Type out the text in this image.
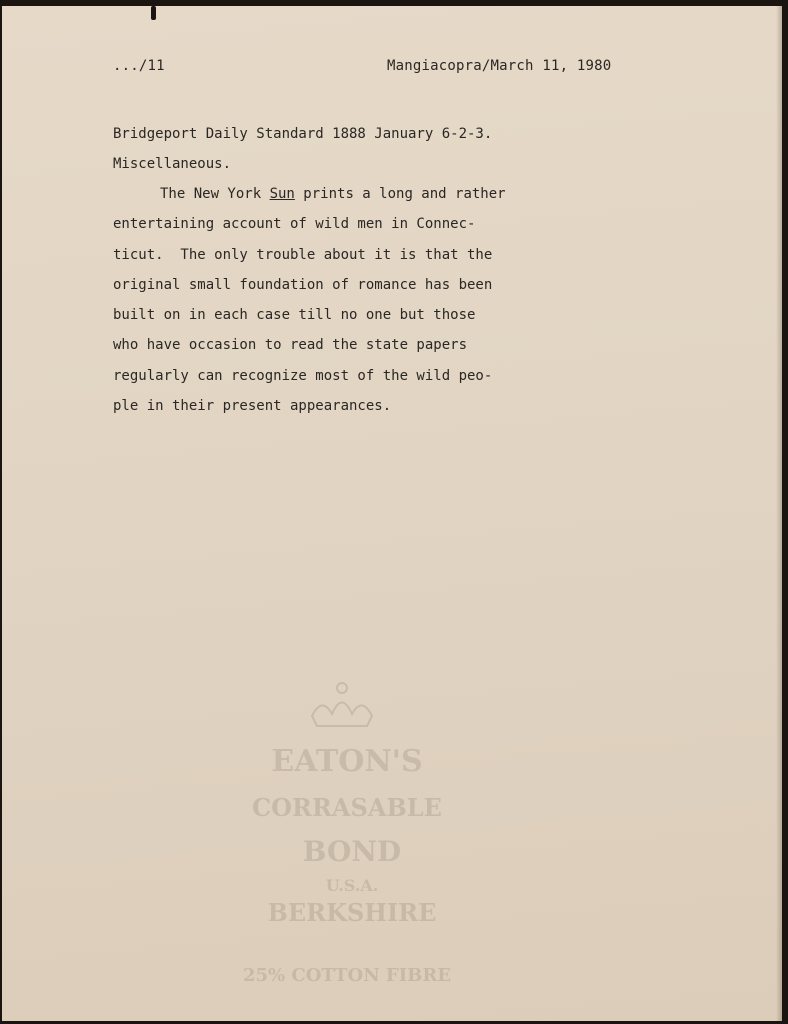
.../11	Mangiacopra/March 11, 1980
Bridgeport Daily Standard 1888 January 6-2-3.
Miscellaneous.
The New York Sun prints a long and rather
entertaining account of wild men in Connec-
ticut.  The only trouble about it is that the
original small foundation of romance has been
built on in each case till no one but those
who have occasion to read the state papers
regularly can recognize most of the wild peo-
ple in their present appearances.
EATON'S
CORRASABLE
BOND
U.S.A.
BERKSHIRE
25% COTTON FIBRE
